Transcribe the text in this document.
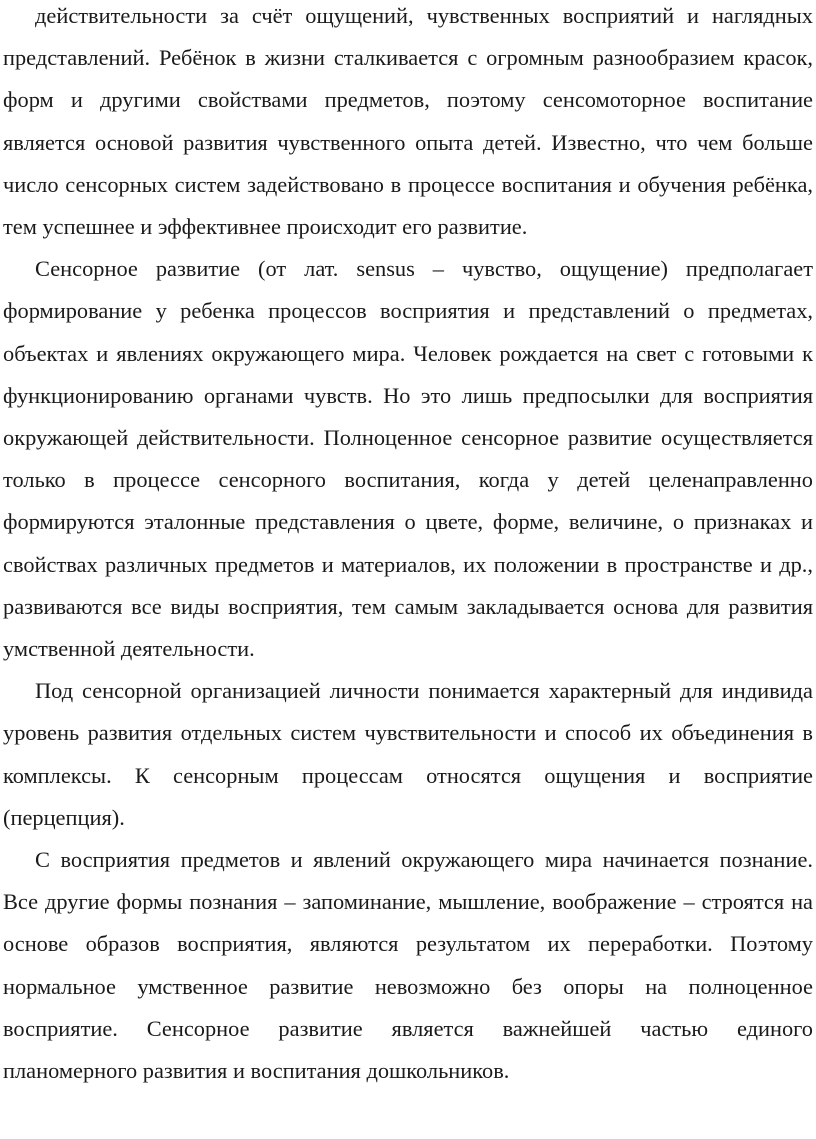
действительности за счёт ощущений, чувственных восприятий и наглядных представлений. Ребёнок в жизни сталкивается с огромным разнообразием красок, форм и другими свойствами предметов, поэтому сенсомоторное воспитание является основой развития чувственного опыта детей. Известно, что чем больше число сенсорных систем задействовано в процессе воспитания и обучения ребёнка, тем успешнее и эффективнее происходит его развитие.

Сенсорное развитие (от лат. sensus – чувство, ощущение) предполагает формирование у ребенка процессов восприятия и представлений о предметах, объектах и явлениях окружающего мира. Человек рождается на свет с готовыми к функционированию органами чувств. Но это лишь предпосылки для восприятия окружающей действительности. Полноценное сенсорное развитие осуществляется только в процессе сенсорного воспитания, когда у детей целенаправленно формируются эталонные представления о цвете, форме, величине, о признаках и свойствах различных предметов и материалов, их положении в пространстве и др., развиваются все виды восприятия, тем самым закладывается основа для развития умственной деятельности.

Под сенсорной организацией личности понимается характерный для индивида уровень развития отдельных систем чувствительности и способ их объединения в комплексы. К сенсорным процессам относятся ощущения и восприятие (перцепция).

С восприятия предметов и явлений окружающего мира начинается познание. Все другие формы познания – запоминание, мышление, воображение – строятся на основе образов восприятия, являются результатом их переработки. Поэтому нормальное умственное развитие невозможно без опоры на полноценное восприятие. Сенсорное развитие является важнейшей частью единого планомерного развития и воспитания дошкольников.
